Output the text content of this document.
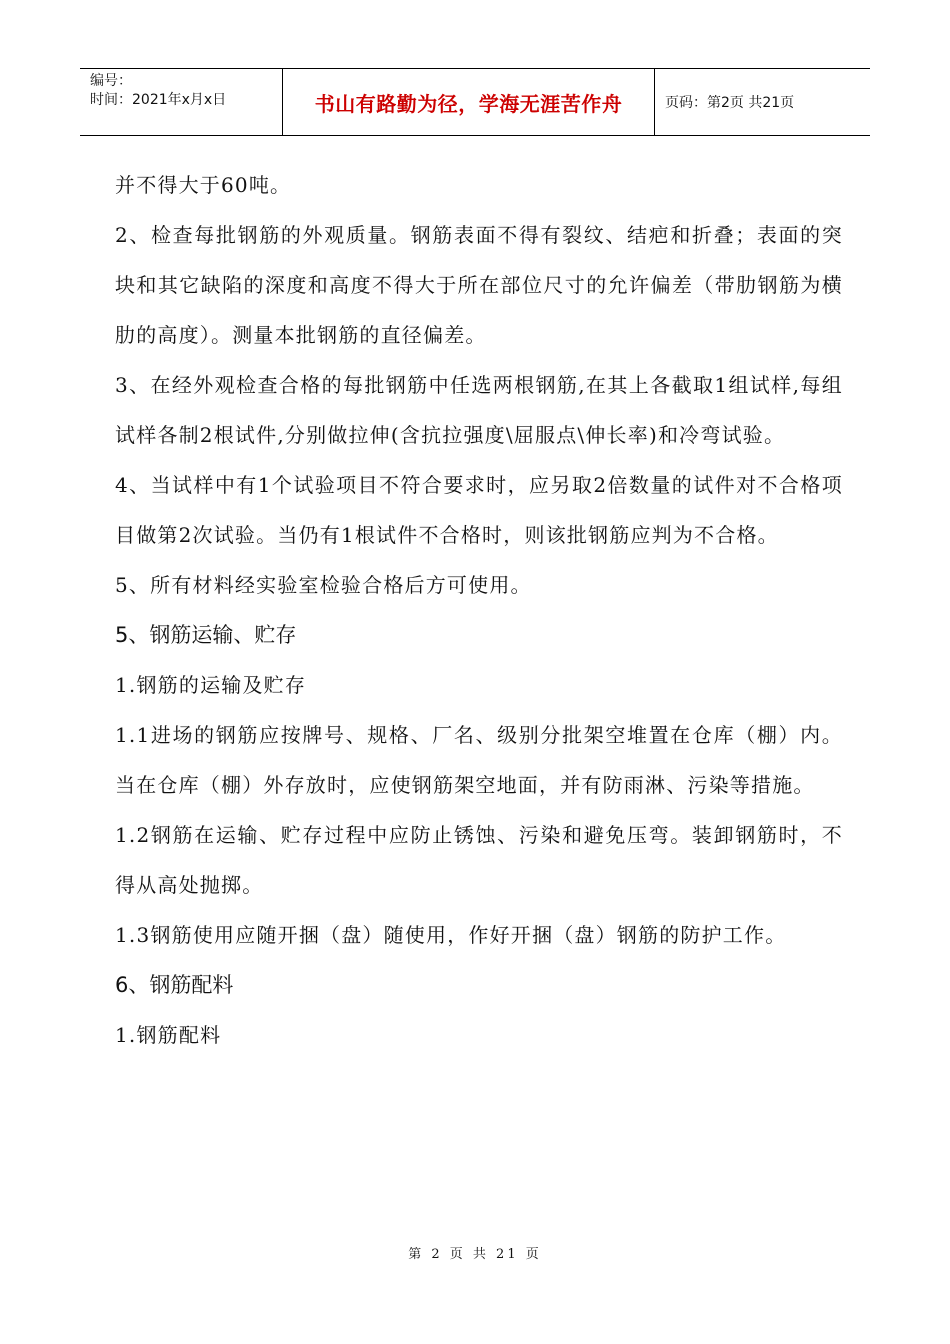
编号：
时间：2021年x月x日	书山有路勤为径，学海无涯苦作舟	页码：第2页 共21页

并不得大于60吨。

2、检查每批钢筋的外观质量。钢筋表面不得有裂纹、结疤和折叠；表面的突块和其它缺陷的深度和高度不得大于所在部位尺寸的允许偏差（带肋钢筋为横肋的高度）。测量本批钢筋的直径偏差。

3、在经外观检查合格的每批钢筋中任选两根钢筋,在其上各截取1组试样,每组试样各制2根试件,分别做拉伸(含抗拉强度\屈服点\伸长率)和冷弯试验。

4、当试样中有1个试验项目不符合要求时，应另取2倍数量的试件对不合格项目做第2次试验。当仍有1根试件不合格时，则该批钢筋应判为不合格。

5、所有材料经实验室检验合格后方可使用。

5、钢筋运输、贮存

1.钢筋的运输及贮存

1.1进场的钢筋应按牌号、规格、厂名、级别分批架空堆置在仓库（棚）内。当在仓库（棚）外存放时，应使钢筋架空地面，并有防雨淋、污染等措施。

1.2钢筋在运输、贮存过程中应防止锈蚀、污染和避免压弯。装卸钢筋时，不得从高处抛掷。

1.3钢筋使用应随开捆（盘）随使用，作好开捆（盘）钢筋的防护工作。

6、钢筋配料

1.钢筋配料

第 2 页 共 21 页
